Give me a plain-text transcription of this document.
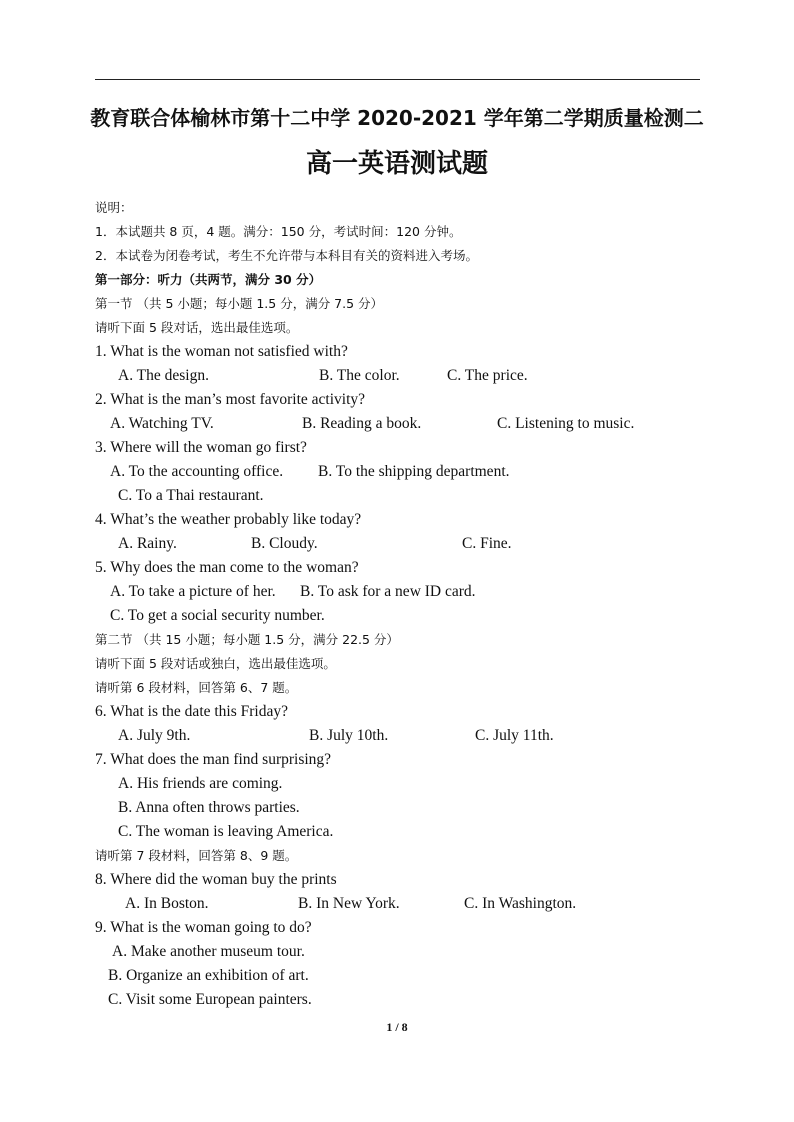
教育联合体榆林市第十二中学 2020-2021 学年第二学期质量检测二
高一英语测试题
说明：
1．本试题共 8 页，4 题。满分：150 分，考试时间：120 分钟。
2．本试卷为闭卷考试，考生不允许带与本科目有关的资料进入考场。
第一部分：听力（共两节，满分 30 分）
第一节 （共 5 小题；每小题 1.5 分，满分 7.5 分）
请听下面 5 段对话，选出最佳选项。
1. What is the woman not satisfied with?
A. The design.	B. The color.	C. The price.
2. What is the man’s most favorite activity?
A. Watching TV.	B. Reading a book.	C. Listening to music.
3. Where will the woman go first?
A. To the accounting office. B. To the shipping department.
C. To a Thai restaurant.
4. What’s the weather probably like today?
A. Rainy.	B. Cloudy.	C. Fine.
5. Why does the man come to the woman?
A. To take a picture of her. B. To ask for a new ID card.
C. To get a social security number.
第二节 （共 15 小题；每小题 1.5 分，满分 22.5 分）
请听下面 5 段对话或独白，选出最佳选项。
请听第 6 段材料，回答第 6、7 题。
6. What is the date this Friday?
A. July 9th.	B. July 10th.	C. July 11th.
7. What does the man find surprising?
A. His friends are coming.
B. Anna often throws parties.
C. The woman is leaving America.
请听第 7 段材料，回答第 8、9 题。
8. Where did the woman buy the prints
A. In Boston.	B. In New York.	C. In Washington.
9. What is the woman going to do?
A. Make another museum tour.
B. Organize an exhibition of art.
C. Visit some European painters.
1 / 8
